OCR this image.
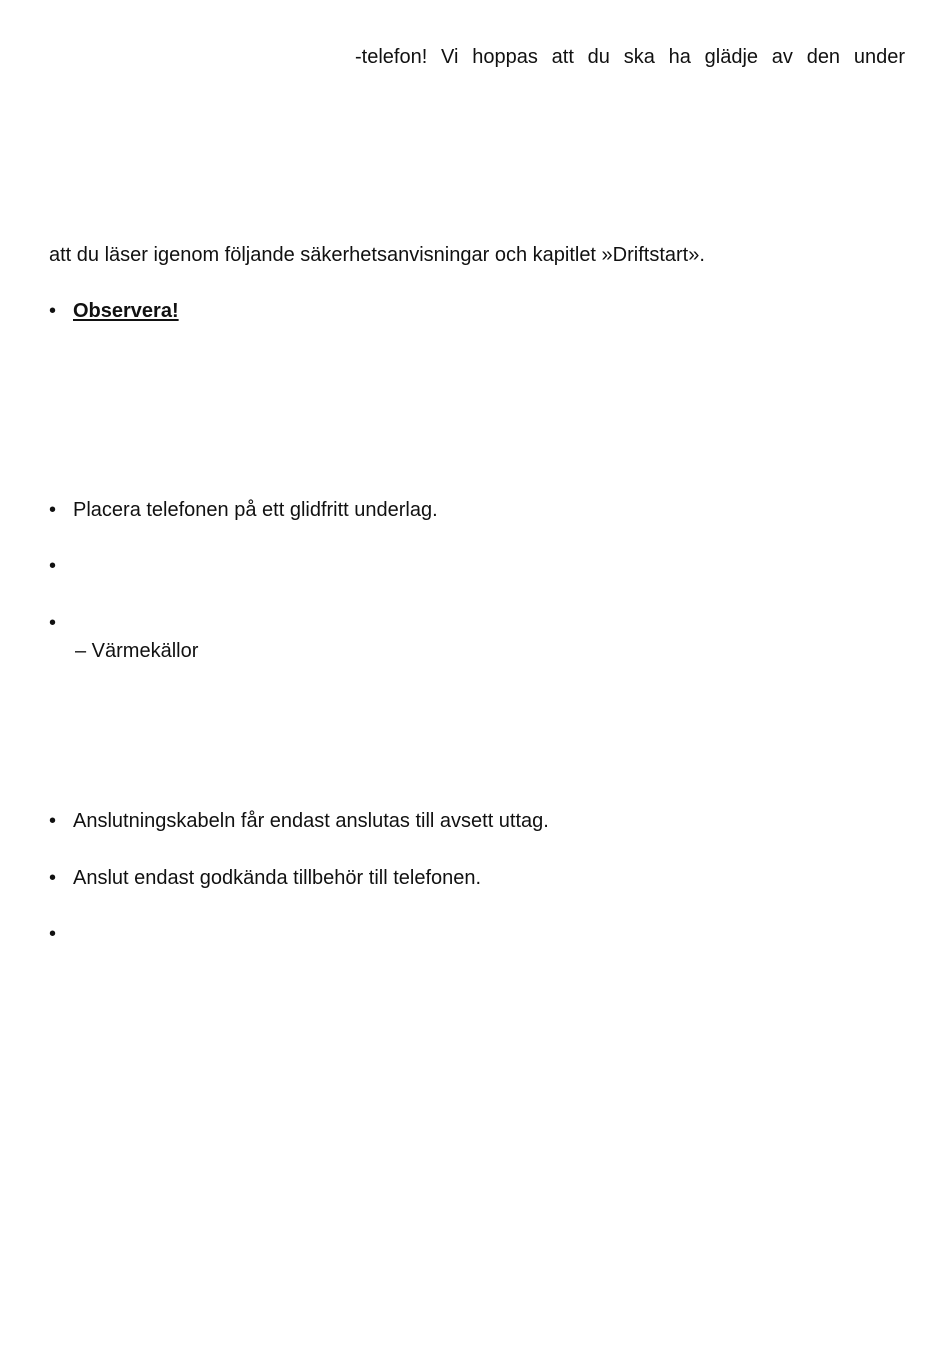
-telefon! Vi hoppas att du ska ha glädje av den under
att du läser igenom följande säkerhetsanvisningar och kapitlet »Driftstart».
• Observera!
• Placera telefonen på ett glidfritt underlag.
•
•
– Värmekällor
• Anslutningskabeln får endast anslutas till avsett uttag.
• Anslut endast godkända tillbehör till telefonen.
•
